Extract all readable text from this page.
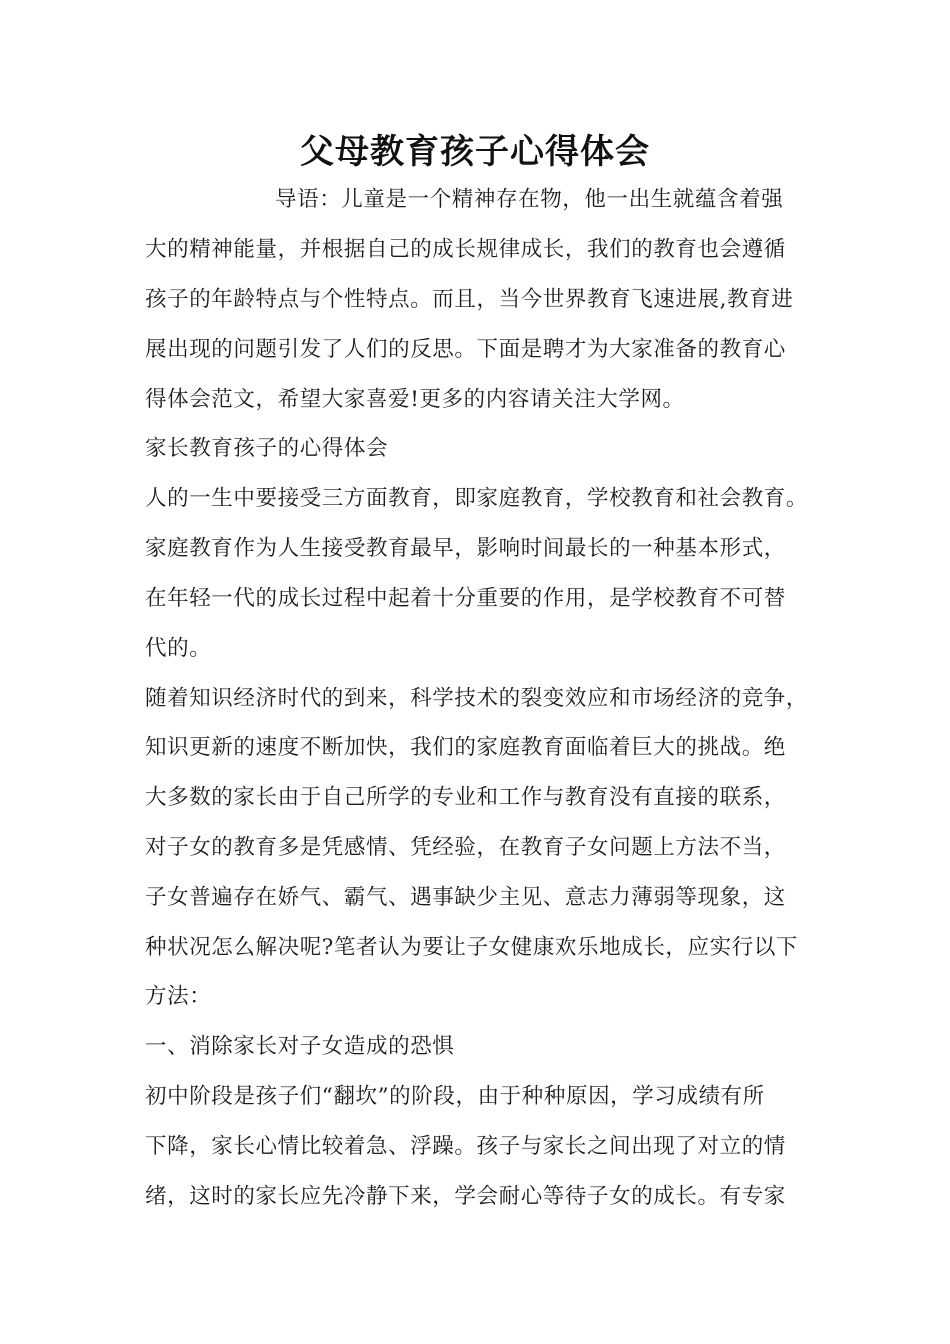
父母教育孩子心得体会
导语：儿童是一个精神存在物，他一出生就蕴含着强
大的精神能量，并根据自己的成长规律成长，我们的教育也会遵循
孩子的年龄特点与个性特点。而且，当今世界教育飞速进展,教育进
展出现的问题引发了人们的反思。下面是聘才为大家准备的教育心
得体会范文，希望大家喜爱!更多的内容请关注大学网。
家长教育孩子的心得体会
人的一生中要接受三方面教育，即家庭教育，学校教育和社会教育。
家庭教育作为人生接受教育最早，影响时间最长的一种基本形式，
在年轻一代的成长过程中起着十分重要的作用，是学校教育不可替
代的。
随着知识经济时代的到来，科学技术的裂变效应和市场经济的竞争，
知识更新的速度不断加快，我们的家庭教育面临着巨大的挑战。绝
大多数的家长由于自己所学的专业和工作与教育没有直接的联系，
对子女的教育多是凭感情、凭经验，在教育子女问题上方法不当，
子女普遍存在娇气、霸气、遇事缺少主见、意志力薄弱等现象，这
种状况怎么解决呢?笔者认为要让子女健康欢乐地成长，应实行以下
方法：
一、消除家长对子女造成的恐惧
初中阶段是孩子们“翻坎”的阶段，由于种种原因，学习成绩有所
下降，家长心情比较着急、浮躁。孩子与家长之间出现了对立的情
绪，这时的家长应先冷静下来，学会耐心等待子女的成长。有专家
